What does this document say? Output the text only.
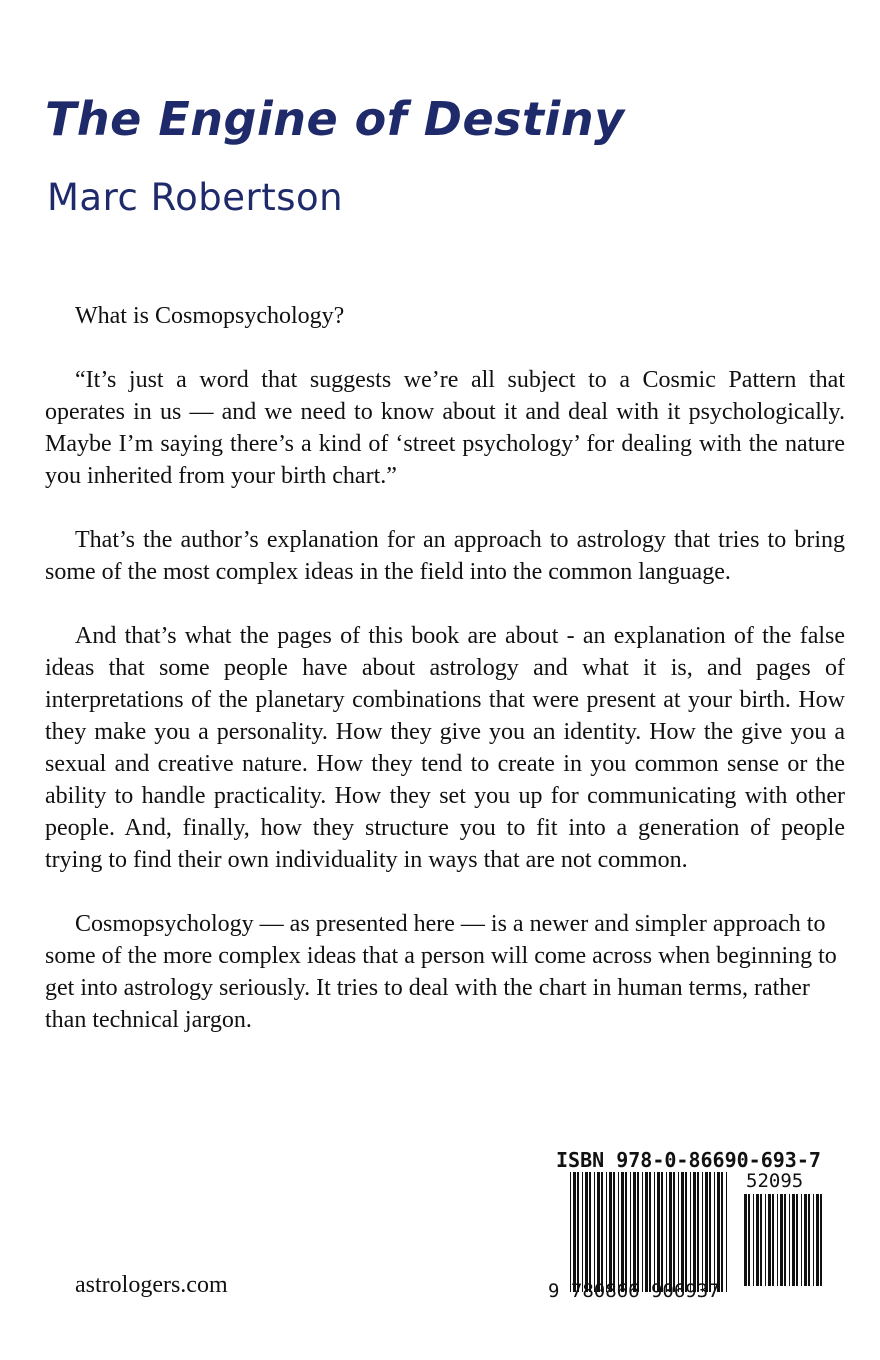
The Engine of Destiny
Marc Robertson

What is Cosmopsychology?

“It’s just a word that suggests we’re all subject to a Cosmic Pattern that operates in us — and we need to know about it and deal with it psychologically. Maybe I’m saying there’s a kind of ‘street psychology’ for dealing with the nature you inherited from your birth chart.”

That’s the author’s explanation for an approach to astrology that tries to bring some of the most complex ideas in the field into the common language.

And that’s what the pages of this book are about - an explanation of the false ideas that some people have about astrology and what it is, and pages of interpretations of the planetary combinations that were present at your birth. How they make you a personality. How they give you an identity. How the give you a sexual and creative nature. How they tend to create in you common sense or the ability to handle practicality. How they set you up for communicating with other people. And, finally, how they structure you to fit into a generation of people trying to find their own individuality in ways that are not common.

Cosmopsychology — as presented here — is a newer and simpler approach to some of the more complex ideas that a person will come across when beginning to get into astrology seriously. It tries to deal with the chart in human terms, rather than technical jargon.

astrologers.com
ISBN 978-0-86690-693-7
52095
9 780866 906937
